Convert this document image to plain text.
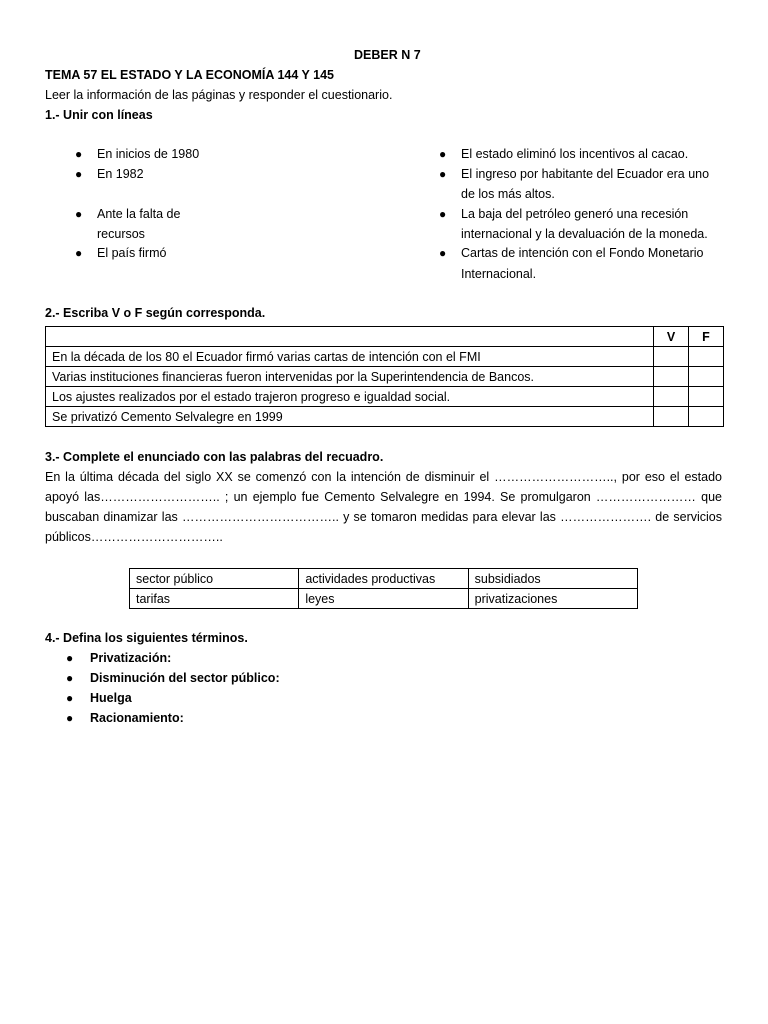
DEBER N 7
TEMA 57 EL ESTADO Y LA ECONOMÍA 144 Y 145
Leer la información de las páginas y responder el cuestionario.
1.- Unir con líneas
● En inicios de 1980
● En 1982
● Ante la falta de
recursos
● El país firmó
● El estado eliminó los incentivos al cacao.
● El ingreso por habitante del Ecuador era uno
de los más altos.
● La baja del petróleo generó una recesión
internacional y la devaluación de la moneda.
● Cartas de intención con el Fondo Monetario
Internacional.
2.- Escriba V o F según corresponda.
	V	F
En la década de los 80 el Ecuador firmó varias cartas de intención con el FMI		
Varias instituciones financieras fueron intervenidas por la Superintendencia de Bancos.		
Los ajustes realizados por el estado trajeron progreso e igualdad social.		
Se privatizó Cemento Selvalegre en 1999		
3.- Complete el enunciado con las palabras del recuadro.
En la última década del siglo XX se comenzó con la intención de disminuir el ……………………….., por eso el estado apoyó las……………………….. ; un ejemplo fue Cemento Selvalegre en 1994. Se promulgaron …………………… que buscaban dinamizar las ……………………………….. y se tomaron medidas para elevar las …………………. de servicios públicos…………………………..
sector público	actividades productivas	subsidiados
tarifas	leyes	privatizaciones
4.- Defina los siguientes términos.
● Privatización:
● Disminución del sector público:
● Huelga
● Racionamiento:
